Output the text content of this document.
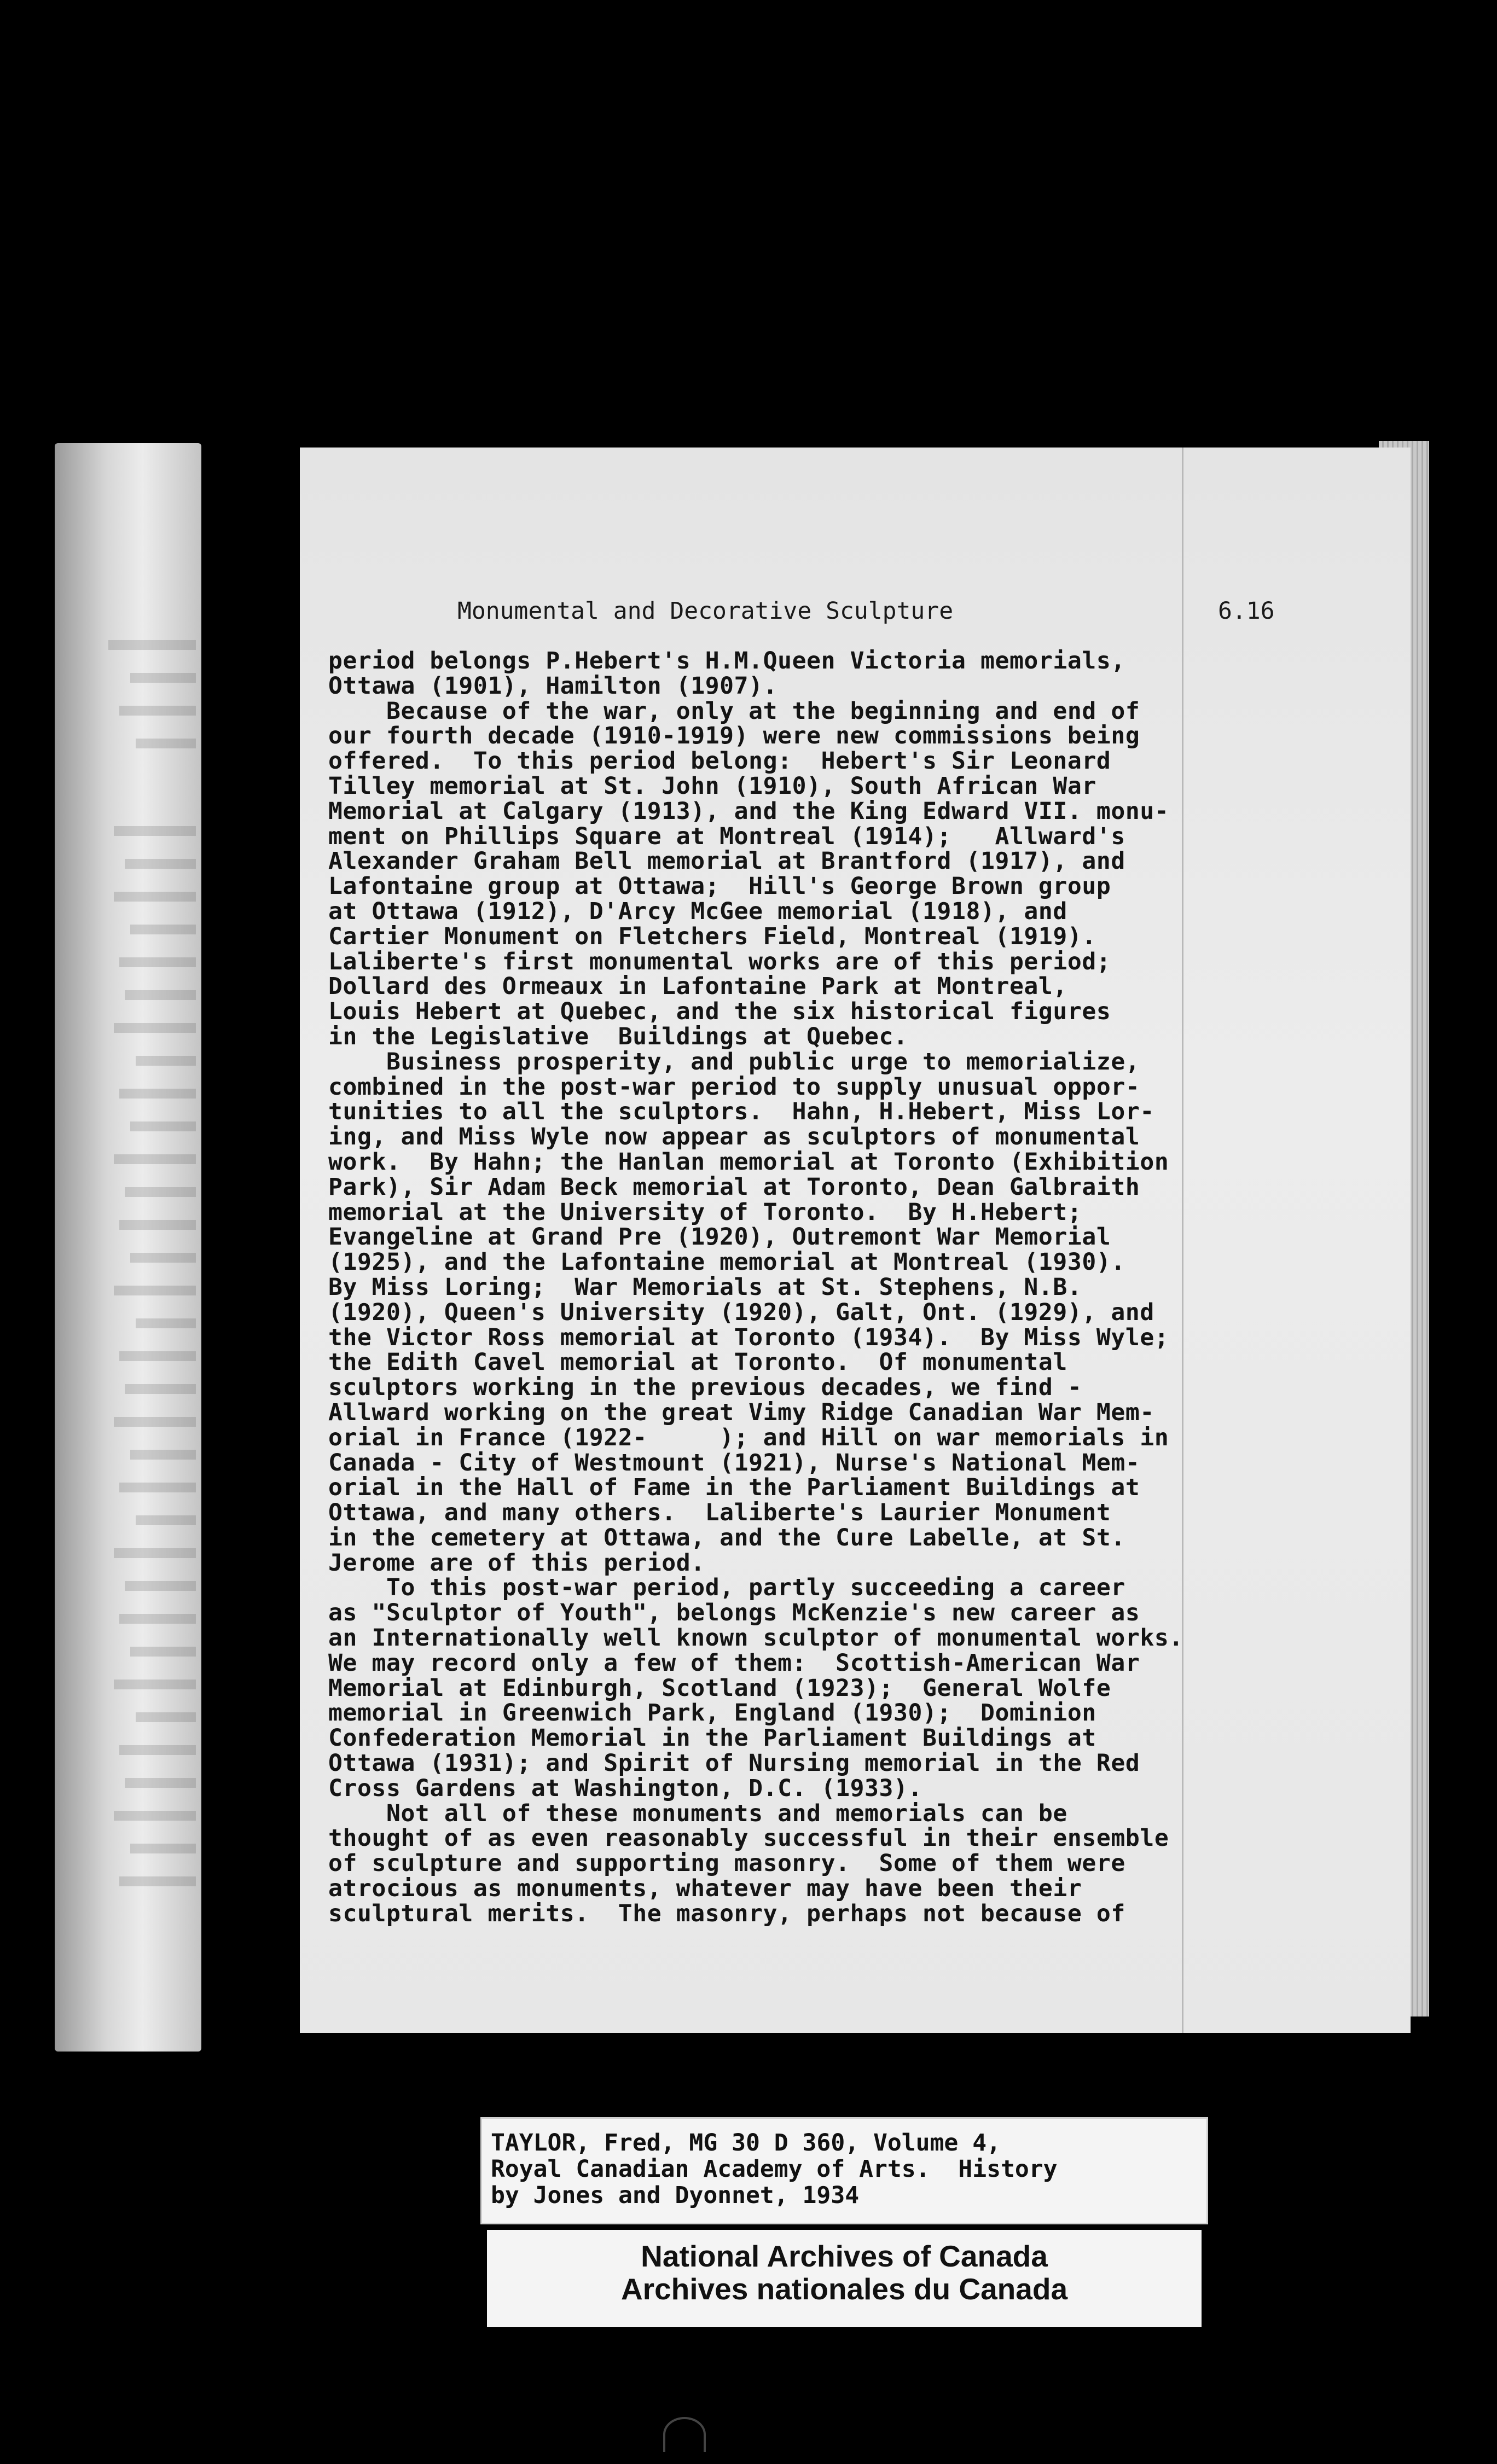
Monumental and Decorative Sculpture	6.16
period belongs P.Hebert's H.M.Queen Victoria memorials,
Ottawa (1901), Hamilton (1907).
Because of the war, only at the beginning and end of
our fourth decade (1910-1919) were new commissions being
offered.  To this period belong:  Hebert's Sir Leonard
Tilley memorial at St. John (1910), South African War
Memorial at Calgary (1913), and the King Edward VII. monu-
ment on Phillips Square at Montreal (1914);   Allward's
Alexander Graham Bell memorial at Brantford (1917), and
Lafontaine group at Ottawa;  Hill's George Brown group
at Ottawa (1912), D'Arcy McGee memorial (1918), and
Cartier Monument on Fletchers Field, Montreal (1919).
Laliberte's first monumental works are of this period;
Dollard des Ormeaux in Lafontaine Park at Montreal,
Louis Hebert at Quebec, and the six historical figures
in the Legislative  Buildings at Quebec.
Business prosperity, and public urge to memorialize,
combined in the post-war period to supply unusual oppor-
tunities to all the sculptors.  Hahn, H.Hebert, Miss Lor-
ing, and Miss Wyle now appear as sculptors of monumental
work.  By Hahn; the Hanlan memorial at Toronto (Exhibition
Park), Sir Adam Beck memorial at Toronto, Dean Galbraith
memorial at the University of Toronto.  By H.Hebert;
Evangeline at Grand Pre (1920), Outremont War Memorial
(1925), and the Lafontaine memorial at Montreal (1930).
By Miss Loring;  War Memorials at St. Stephens, N.B.
(1920), Queen's University (1920), Galt, Ont. (1929), and
the Victor Ross memorial at Toronto (1934).  By Miss Wyle;
the Edith Cavel memorial at Toronto.  Of monumental
sculptors working in the previous decades, we find -
Allward working on the great Vimy Ridge Canadian War Mem-
orial in France (1922-     ); and Hill on war memorials in
Canada - City of Westmount (1921), Nurse's National Mem-
orial in the Hall of Fame in the Parliament Buildings at
Ottawa, and many others.  Laliberte's Laurier Monument
in the cemetery at Ottawa, and the Cure Labelle, at St.
Jerome are of this period.
To this post-war period, partly succeeding a career
as "Sculptor of Youth", belongs McKenzie's new career as
an Internationally well known sculptor of monumental works.
We may record only a few of them:  Scottish-American War
Memorial at Edinburgh, Scotland (1923);  General Wolfe
memorial in Greenwich Park, England (1930);  Dominion
Confederation Memorial in the Parliament Buildings at
Ottawa (1931); and Spirit of Nursing memorial in the Red
Cross Gardens at Washington, D.C. (1933).
Not all of these monuments and memorials can be
thought of as even reasonably successful in their ensemble
of sculpture and supporting masonry.  Some of them were
atrocious as monuments, whatever may have been their
sculptural merits.  The masonry, perhaps not because of
TAYLOR, Fred, MG 30 D 360, Volume 4,
Royal Canadian Academy of Arts.  History
by Jones and Dyonnet, 1934
National Archives of Canada
Archives nationales du Canada
